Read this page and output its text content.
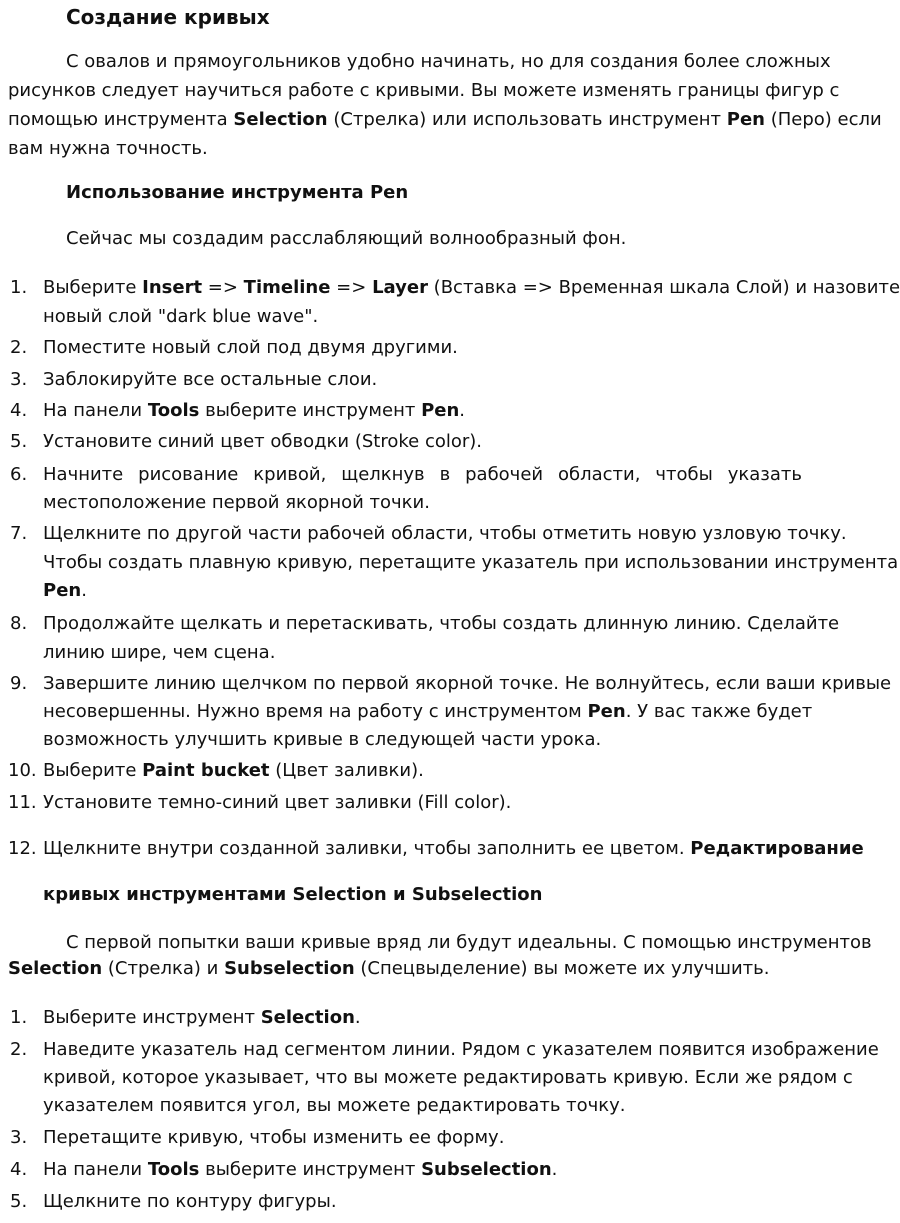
Создание кривых
С овалов и прямоугольников удобно начинать, но для создания более сложных
рисунков следует научиться работе с кривыми. Вы можете изменять границы фигур с
помощью инструмента Selection (Стрелка) или использовать инструмент Pen (Перо) если
вам нужна точность.
Использование инструмента Pen
Сейчас мы создадим расслабляющий волнообразный фон.
1. Выберите Insert => Timeline => Layer (Вставка => Временная шкала Слой) и назовите
новый слой "dark blue wave".
2. Поместите новый слой под двумя другими.
3. Заблокируйте все остальные слои.
4. На панели Tools выберите инструмент Pen.
5. Установите синий цвет обводки (Stroke color).
6. Начните рисование кривой, щелкнув в рабочей области, чтобы указать
местоположение первой якорной точки.
7. Щелкните по другой части рабочей области, чтобы отметить новую узловую точку.
Чтобы создать плавную кривую, перетащите указатель при использовании инструмента
Pen.
8. Продолжайте щелкать и перетаскивать, чтобы создать длинную линию. Сделайте
линию шире, чем сцена.
9. Завершите линию щелчком по первой якорной точке. Не волнуйтесь, если ваши кривые
несовершенны. Нужно время на работу с инструментом Pen. У вас также будет
возможность улучшить кривые в следующей части урока.
10. Выберите Paint bucket (Цвет заливки).
11. Установите темно-синий цвет заливки (Fill color).
12. Щелкните внутри созданной заливки, чтобы заполнить ее цветом. Редактирование
кривых инструментами Selection и Subselection
С первой попытки ваши кривые вряд ли будут идеальны. С помощью инструментов
Selection (Стрелка) и Subselection (Спецвыделение) вы можете их улучшить.
1. Выберите инструмент Selection.
2. Наведите указатель над сегментом линии. Рядом с указателем появится изображение
кривой, которое указывает, что вы можете редактировать кривую. Если же рядом с
указателем появится угол, вы можете редактировать точку.
3. Перетащите кривую, чтобы изменить ее форму.
4. На панели Tools выберите инструмент Subselection.
5. Щелкните по контуру фигуры.
